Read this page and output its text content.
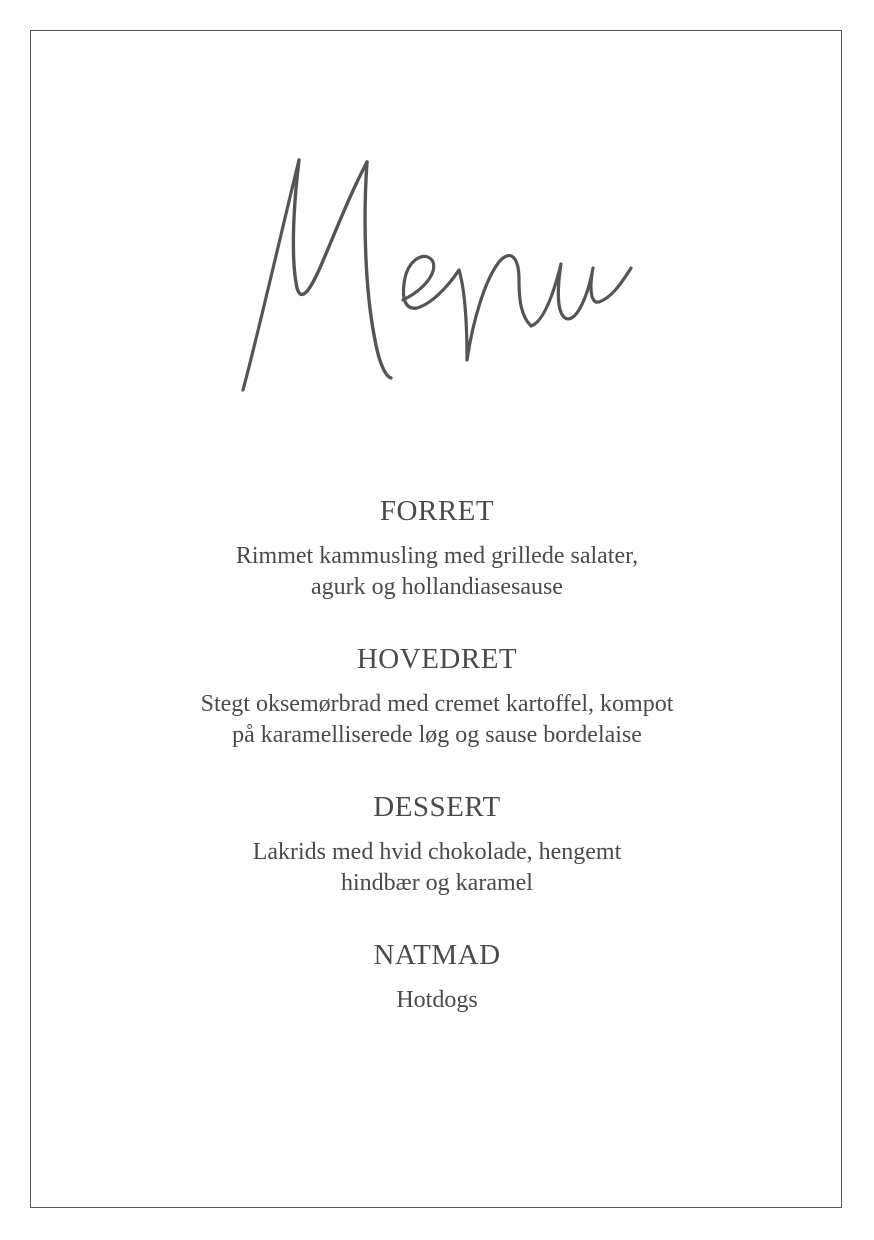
FORRET
Rimmet kammusling med grillede salater,
agurk og hollandiasesause
HOVEDRET
Stegt oksemørbrad med cremet kartoffel, kompot
på karamelliserede løg og sause bordelaise
DESSERT
Lakrids med hvid chokolade, hengemt
hindbær og karamel
NATMAD
Hotdogs
